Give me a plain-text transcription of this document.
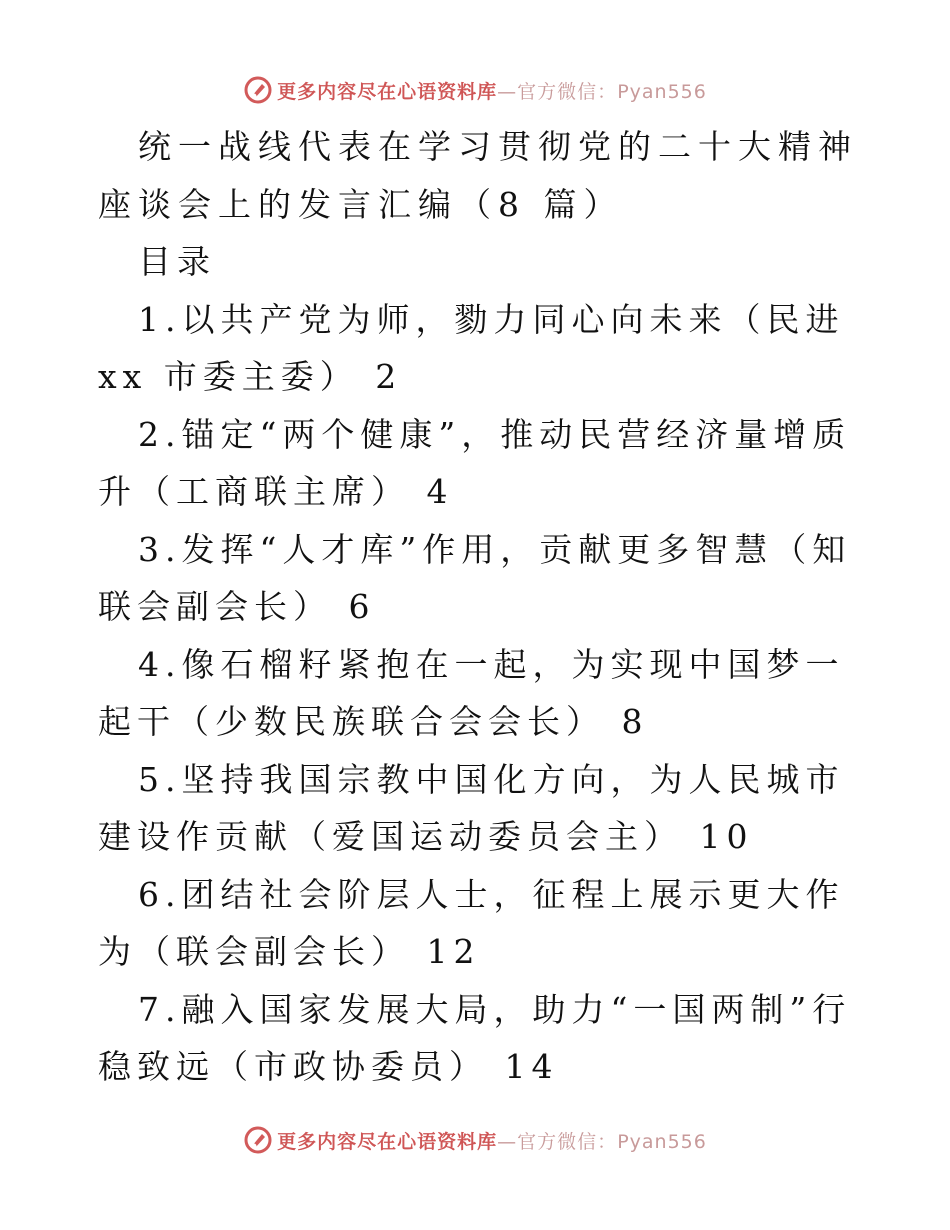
更多内容尽在心语资料库—官方微信：Pyan556

统一战线代表在学习贯彻党的二十大精神座谈会上的发言汇编（8 篇）

目录

1.以共产党为师，勠力同心向未来（民进 xx 市委主委） 2

2.锚定“两个健康”，推动民营经济量增质升（工商联主席） 4

3.发挥“人才库”作用，贡献更多智慧（知联会副会长） 6

4.像石榴籽紧抱在一起，为实现中国梦一起干（少数民族联合会会长） 8

5.坚持我国宗教中国化方向，为人民城市建设作贡献（爱国运动委员会主） 10

6.团结社会阶层人士，征程上展示更大作为（联会副会长） 12

7.融入国家发展大局，助力“一国两制”行稳致远（市政协委员） 14

更多内容尽在心语资料库—官方微信：Pyan556
